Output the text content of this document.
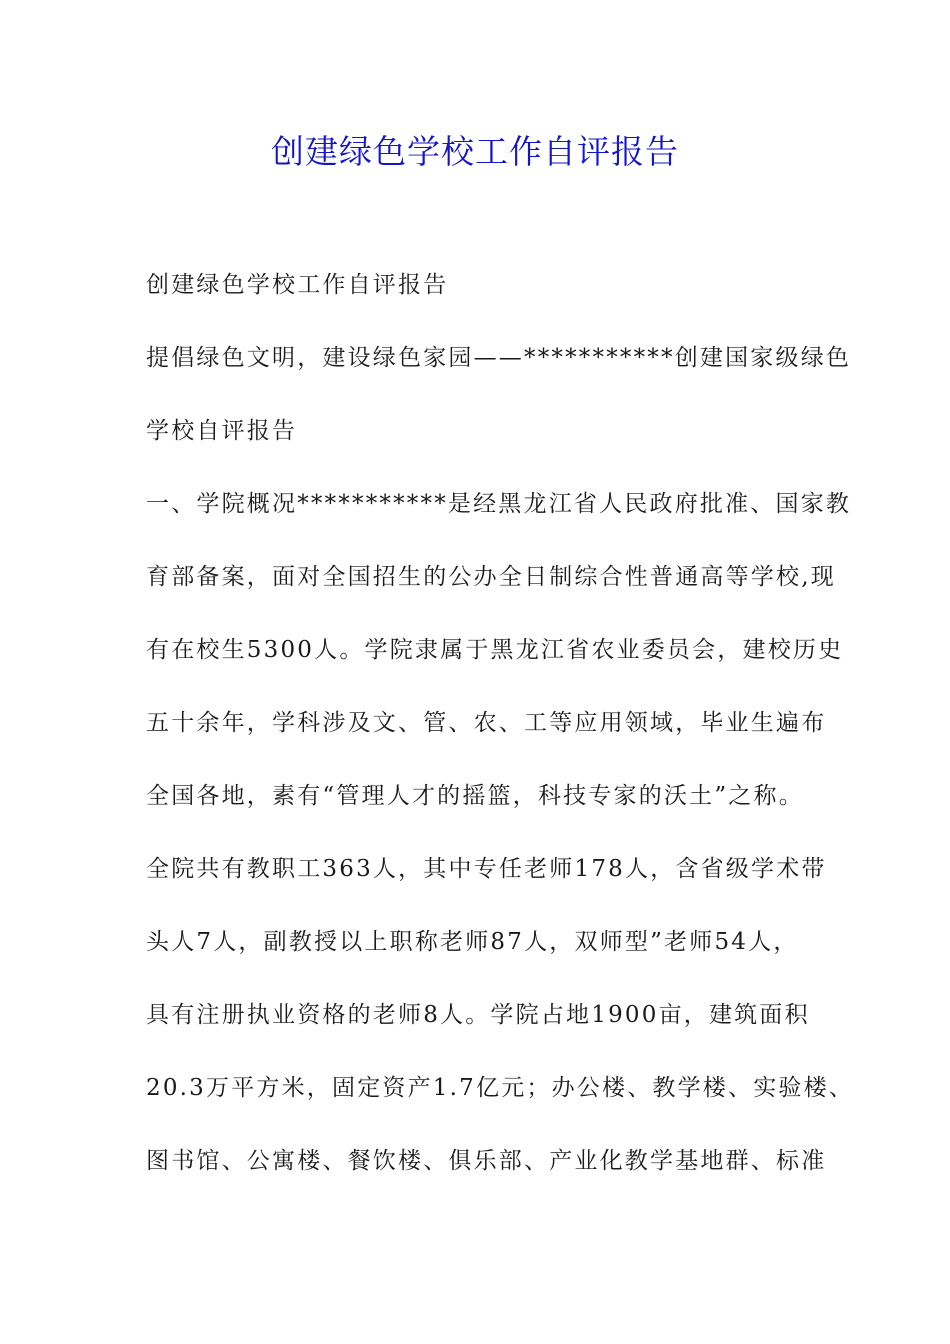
创建绿色学校工作自评报告
创建绿色学校工作自评报告
提倡绿色文明，建设绿色家园——***********创建国家级绿色
学校自评报告
一、学院概况***********是经黑龙江省人民政府批准、国家教
育部备案，面对全国招生的公办全日制综合性普通高等学校,现
有在校生5300人。学院隶属于黑龙江省农业委员会，建校历史
五十余年，学科涉及文、管、农、工等应用领域，毕业生遍布
全国各地，素有“管理人才的摇篮，科技专家的沃土”之称。
全院共有教职工363人，其中专任老师178人，含省级学术带
头人7人，副教授以上职称老师87人，双师型”老师54人，
具有注册执业资格的老师8人。学院占地1900亩，建筑面积
20.3万平方米，固定资产1.7亿元；办公楼、教学楼、实验楼、
图书馆、公寓楼、餐饮楼、俱乐部、产业化教学基地群、标准
